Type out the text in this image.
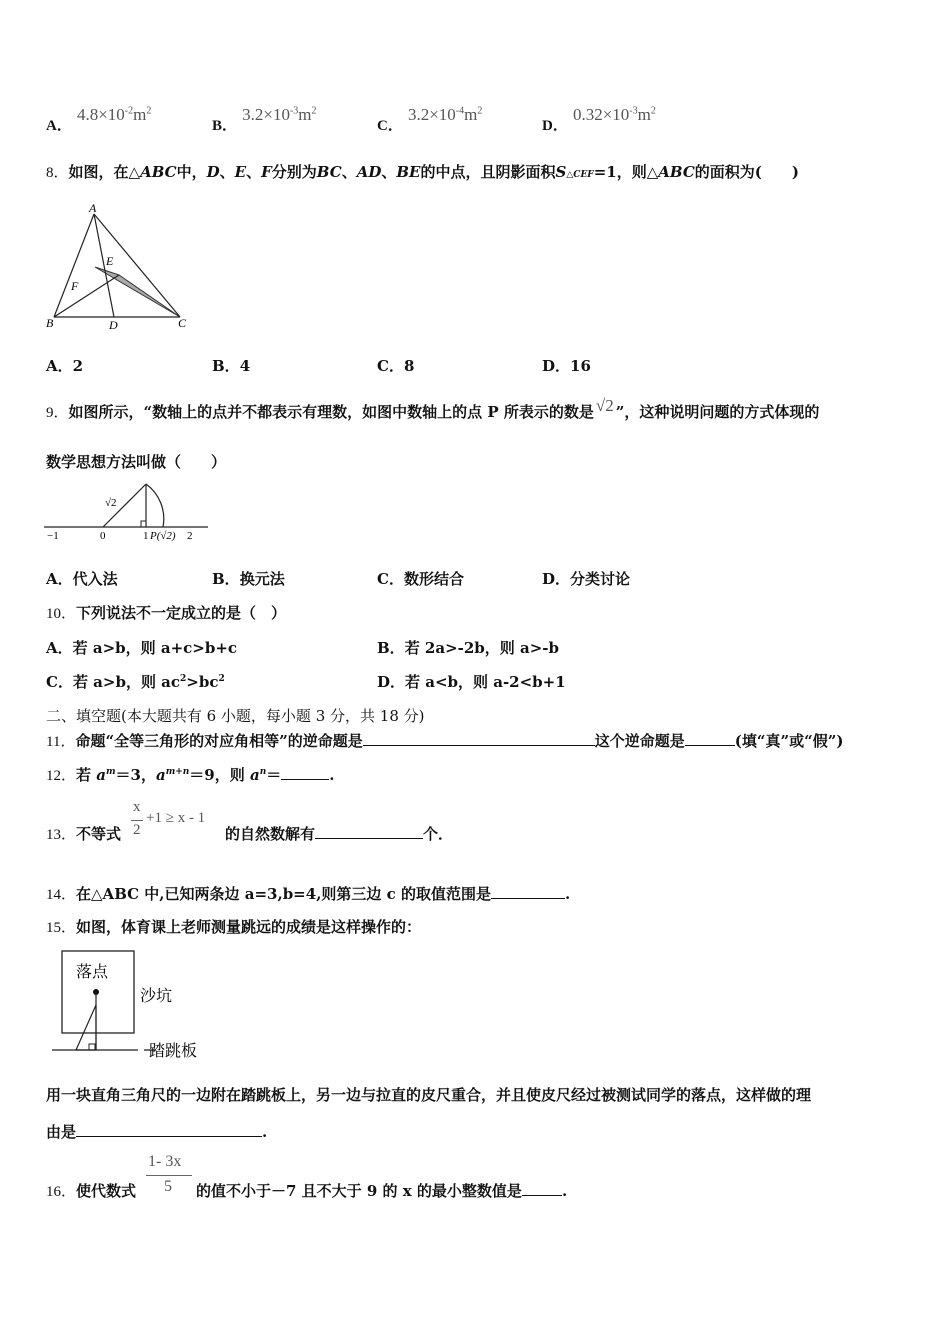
A． $4.8\times 10^{-2}m^2$
B． $3.2\times 10^{-3}m^2$
C． $3.2\times 10^{-4}m^2$
D． $0.32\times 10^{-3}m^2$
8．如图，在△ABC中，D、E、F分别为BC、AD、BE的中点，且阴影面积S△CEF=1，则△ABC的面积为(　　)
A
B	C
D
E
F
A．2	B．4	C．8	D．16
9．如图所示，“数轴上的点并不都表示有理数，如图中数轴上的点 P 所表示的数是 √2 ”，这种说明问题的方式体现的
数学思想方法叫做（　　）
−1	0	1 P(√2) 2
√2
A．代入法	B．换元法	C．数形结合	D．分类讨论
10．下列说法不一定成立的是（　）
A．若 a>b，则 a+c>b+c	B．若 2a>-2b，则 a>-b
C．若 a>b，则 $ac^2>bc^2$	D．若 a<b，则 a-2<b+1
二、填空题(本大题共有 6 小题，每小题 3 分，共 18 分)
11．命题“全等三角形的对应角相等”的逆命题是	这个逆命题是	(填“真”或“假”)
12．若 $a^m=3$，$a^{m+n}=9$，则 $a^n=$	.
13．不等式
x
2
+1 ≥ x - 1
的自然数解有	个．
14．在△ABC 中,已知两条边 a=3,b=4,则第三边 c 的取值范围是	.
15．如图，体育课上老师测量跳远的成绩是这样操作的：
落点
沙坑
踏跳板
用一块直角三角尺的一边附在踏跳板上，另一边与拉直的皮尺重合，并且使皮尺经过被测试同学的落点，这样做的理
由是	.
16．使代数式
1- 3x
5 的值不小于－7 且不大于 9 的 x 的最小整数值是	.
